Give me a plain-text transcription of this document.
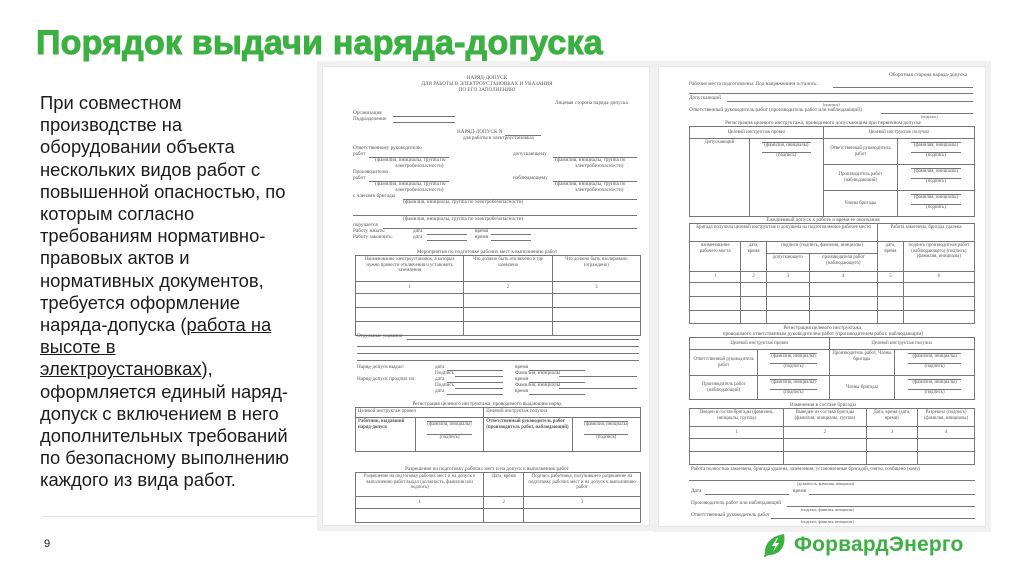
Порядок выдачи наряда-допуска
При совместном
производстве на
оборудовании объекта
нескольких видов работ с
повышенной опасностью, по
которым согласно
требованиям нормативно-
правовых актов и
нормативных документов,
требуется оформление
наряда-допуска (работа на
высоте в
электроустановках),
оформляется единый наряд-
допуск с включением в него
дополнительных требований
по безопасному выполнению
каждого из вида работ.
9
НАРЯД-ДОПУСК
ДЛЯ РАБОТЫ В ЭЛЕКТРОУСТАНОВКАХ И УКАЗАНИЯ
ПО ЕГО ЗАПОЛНЕНИЮ
Лицевая сторона наряда-допуска
Организация
Подразделение
НАРЯД-ДОПУСК N
для работы в электроустановках
Ответственному руководителю
работ
(фамилия, инициалы, группа по
электробезопасности)
допускающему
(фамилия, инициалы, группа по
электробезопасности)
Производителю
работ
(фамилия, инициалы, группа по
электробезопасности)
наблюдающему
(фамилия, инициалы, группа по
электробезопасности)
с членами бригады
(фамилия, инициалы, группа по электробезопасности)
(фамилия, инициалы, группа по электробезопасности)
поручается
Работу начать:	дата	время
Работу закончить:	дата	время
Мероприятия по подготовке рабочих мест к выполнению работ
Наименование электроустановок, в которых нужно провести отключения и установить заземления	Что должно быть отключено и где заземлено	Что должно быть изолировано (ограждено)
1	2	3

Отдельные указания
Наряд-допуск выдал:	дата	время
Подпись	Фамилия, инициалы
Наряд-допуск продлил по:	дата	время
Подпись	Фамилия, инициалы
дата	время
Регистрация целевого инструктажа, проводимого выдающим наряд
Целевой инструктаж провел		Целевой инструктаж получил	
Работник, выдавший наряд-допуск	(фамилия, инициалы)
(подпись)	Ответственный руководитель работ (производитель работ, наблюдающий)	(фамилия, инициалы)
(подпись)
Разрешение на подготовку рабочих мест и на допуск к выполнению работ
Разрешение на подготовку рабочих мест и на допуск к выполнению работ выдал (должность, фамилия или подпись)	Дата, время	Подпись работника, получившего разрешение на подготовку рабочих мест и на допуск к выполнению работ
1	2	3

Оборотная сторона наряда-допуска
Рабочие места подготовлены. Под напряжением остались:
Допускающий
(подпись)
Ответственный руководитель работ (производитель работ или наблюдающий)
(подпись)
Регистрация целевого инструктажа, проводимого допускающим при первичном допуске
Целевой инструктаж провел		Целевой инструктаж получил	
Допускающий	(фамилия, инициалы)
(подпись)	Ответственный руководитель работ	(фамилия, инициалы)
(подпись)
		Производитель работ (наблюдающий)	(фамилия, инициалы)
(подпись)
		Члены бригады	(фамилия, инициалы)
(подпись)
Ежедневный допуск к работе и время ее окончания
Бригада получила целевой инструктаж и допущена на подготовленное рабочее место				Работа закончена, бригада удалена	
наименование рабочего места	дата, время	подписи (подпись, фамилия, инициалы)		дата, время	подпись производителя работ (наблюдающего) (подпись) (фамилия, инициалы)
		допускающего	производителя работ (наблюдающего)		
1	2	3	4	5	6

Регистрация целевого инструктажа,
проводимого ответственным руководителем работ (производителем работ, наблюдающим)
Целевой инструктаж провел		Целевой инструктаж получил	
Ответственный руководитель работ	(фамилия, инициалы)
(подпись)	Производитель работ, Члены бригады	(фамилия, инициалы)
(подпись)
Производитель работ (наблюдающий)	(фамилия, инициалы)
(подпись)	Члены бригады	(фамилия, инициалы)
(подпись)
Изменения в составе бригады
Введен в состав бригады (фамилия, инициалы, группа)	Выведен из состава бригады (фамилия, инициалы, группа)	Дата, время (дата, время)	Разрешил (подпись) (фамилия, инициалы)
1	2	3	4

Работа полностью закончена, бригада удалена, заземления, установленные бригадой, сняты, сообщено (кому)
(должность, фамилия, инициалы)
Дата	время
Производитель работ или наблюдающий
(подпись, фамилия, инициалы)
Ответственный руководитель работ
(подпись, фамилия, инициалы)
ФорвардЭнерго
